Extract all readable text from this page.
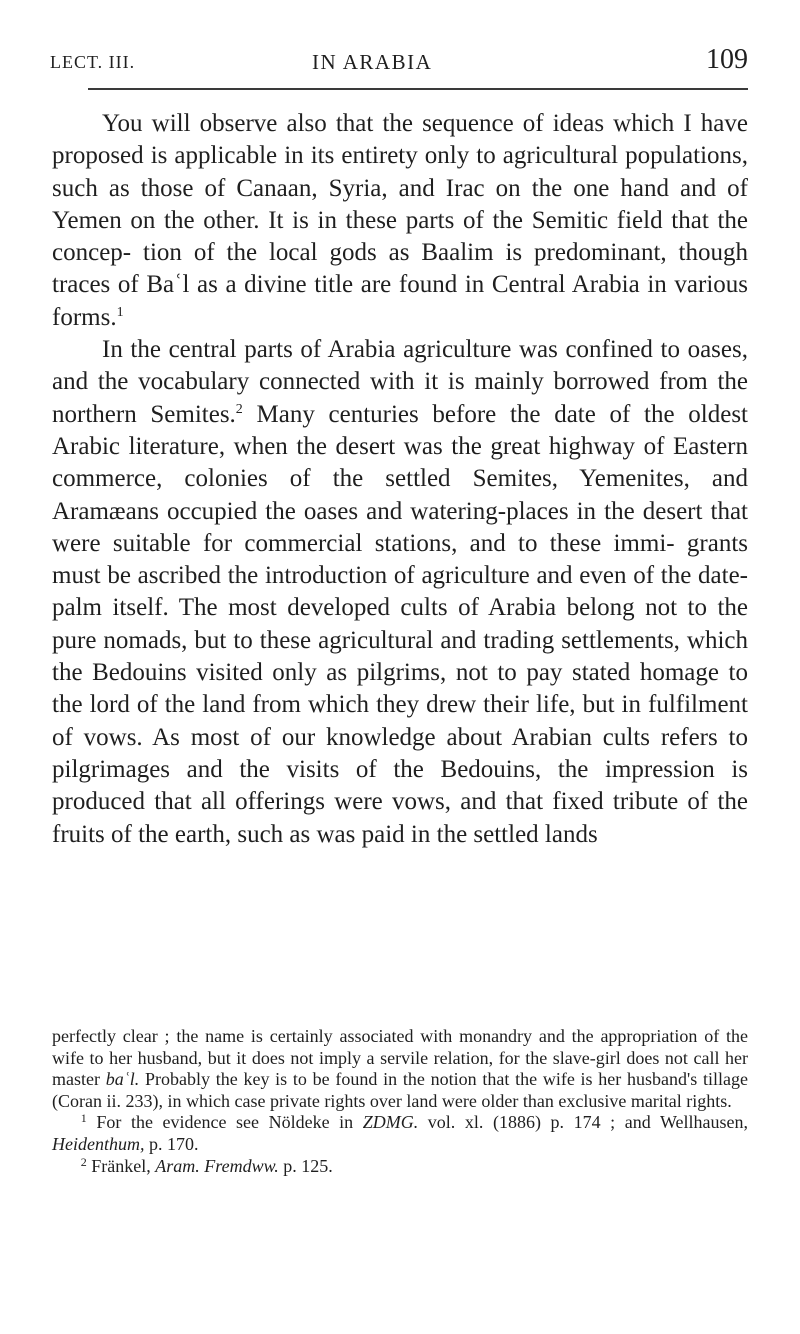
LECT. III.	IN ARABIA	109

You will observe also that the sequence of ideas which I have proposed is applicable in its entirety only to agricultural populations, such as those of Canaan, Syria, and Irac on the one hand and of Yemen on the other. It is in these parts of the Semitic field that the concep- tion of the local gods as Baalim is predominant, though traces of Baʿl as a divine title are found in Central Arabia in various forms.$^1$

In the central parts of Arabia agriculture was confined to oases, and the vocabulary connected with it is mainly borrowed from the northern Semites.$^2$ Many centuries before the date of the oldest Arabic literature, when the desert was the great highway of Eastern commerce, colonies of the settled Semites, Yemenites, and Aramæans occupied the oases and watering-places in the desert that were suitable for commercial stations, and to these immi- grants must be ascribed the introduction of agriculture and even of the date-palm itself. The most developed cults of Arabia belong not to the pure nomads, but to these agricultural and trading settlements, which the Bedouins visited only as pilgrims, not to pay stated homage to the lord of the land from which they drew their life, but in fulfilment of vows. As most of our knowledge about Arabian cults refers to pilgrimages and the visits of the Bedouins, the impression is produced that all offerings were vows, and that fixed tribute of the fruits of the earth, such as was paid in the settled lands

perfectly clear ; the name is certainly associated with monandry and the appropriation of the wife to her husband, but it does not imply a servile relation, for the slave-girl does not call her master baʿl. Probably the key is to be found in the notion that the wife is her husband's tillage (Coran ii. 233), in which case private rights over land were older than exclusive marital rights.

$^1$ For the evidence see Nöldeke in ZDMG. vol. xl. (1886) p. 174 ; and Wellhausen, Heidenthum, p. 170.

$^2$ Fränkel, Aram. Fremdww. p. 125.
